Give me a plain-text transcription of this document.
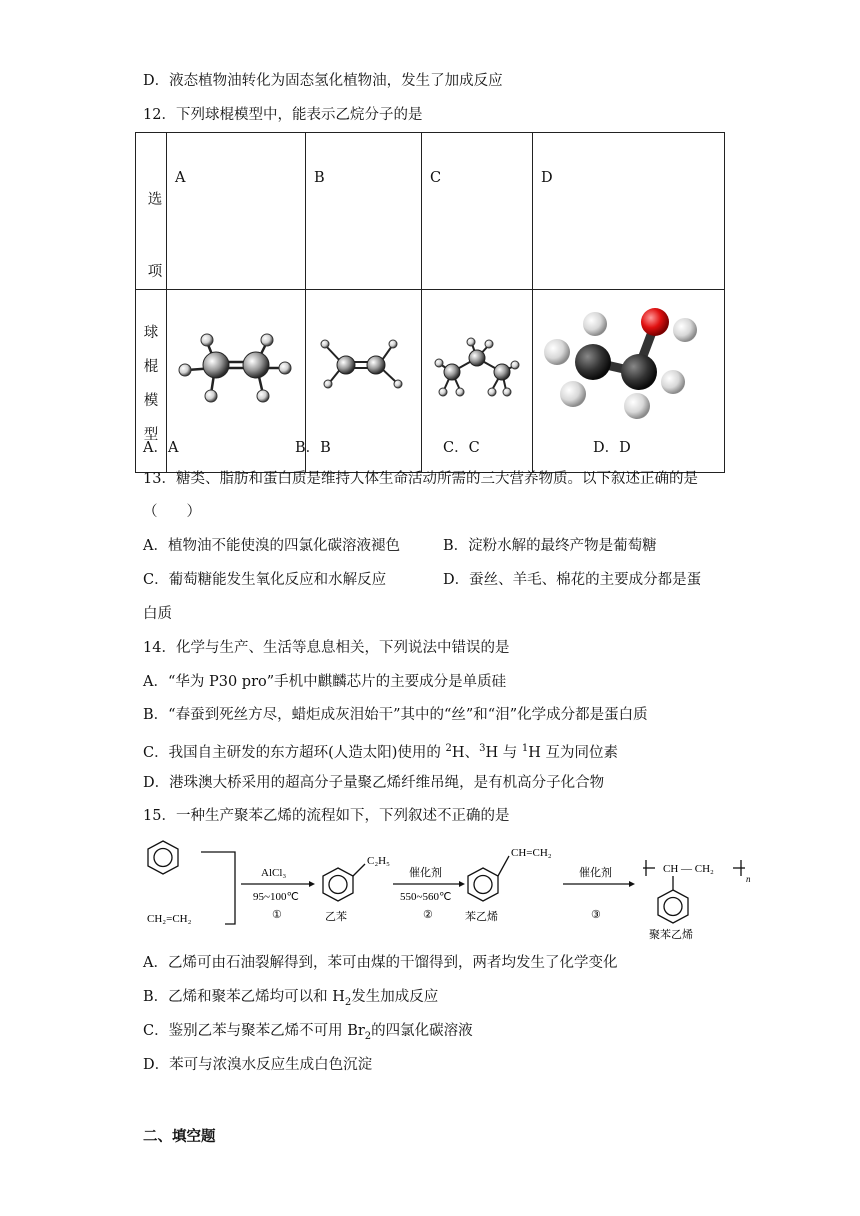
D．液态植物油转化为固态氢化植物油，发生了加成反应
12．下列球棍模型中，能表示乙烷分子的是
选
项	A	B	C	D

球
棍
模
型

A．A	B．B	C．C	D．D
13．糖类、脂肪和蛋白质是维持人体生命活动所需的三大营养物质。以下叙述正确的是
（　　）
A．植物油不能使溴的四氯化碳溶液褪色	B．淀粉水解的最终产物是葡萄糖
C．葡萄糖能发生氧化反应和水解反应	D．蚕丝、羊毛、棉花的主要成分都是蛋
白质
14．化学与生产、生活等息息相关，下列说法中错误的是
A．“华为 P30 pro”手机中麒麟芯片的主要成分是单质硅
B．“春蚕到死丝方尽，蜡炬成灰泪始干”其中的“丝”和“泪”化学成分都是蛋白质
C．我国自主研发的东方超环(人造太阳)使用的 $^2$H、$^3$H 与 $^1$H 互为同位素
D．港珠澳大桥采用的超高分子量聚乙烯纤维吊绳，是有机高分子化合物
15．一种生产聚苯乙烯的流程如下，下列叙述不正确的是
CH₂=CH₂
AlCl₃
95~100℃
①
C₂H₅
乙苯
催化剂
550~560℃
②
CH=CH₂
苯乙烯
催化剂
③
CH — CH₂
n
聚苯乙烯
A．乙烯可由石油裂解得到，苯可由煤的干馏得到，两者均发生了化学变化
B．乙烯和聚苯乙烯均可以和 $H_2$发生加成反应
C．鉴别乙苯与聚苯乙烯不可用 $Br_2$的四氯化碳溶液
D．苯可与浓溴水反应生成白色沉淀
二、填空题
